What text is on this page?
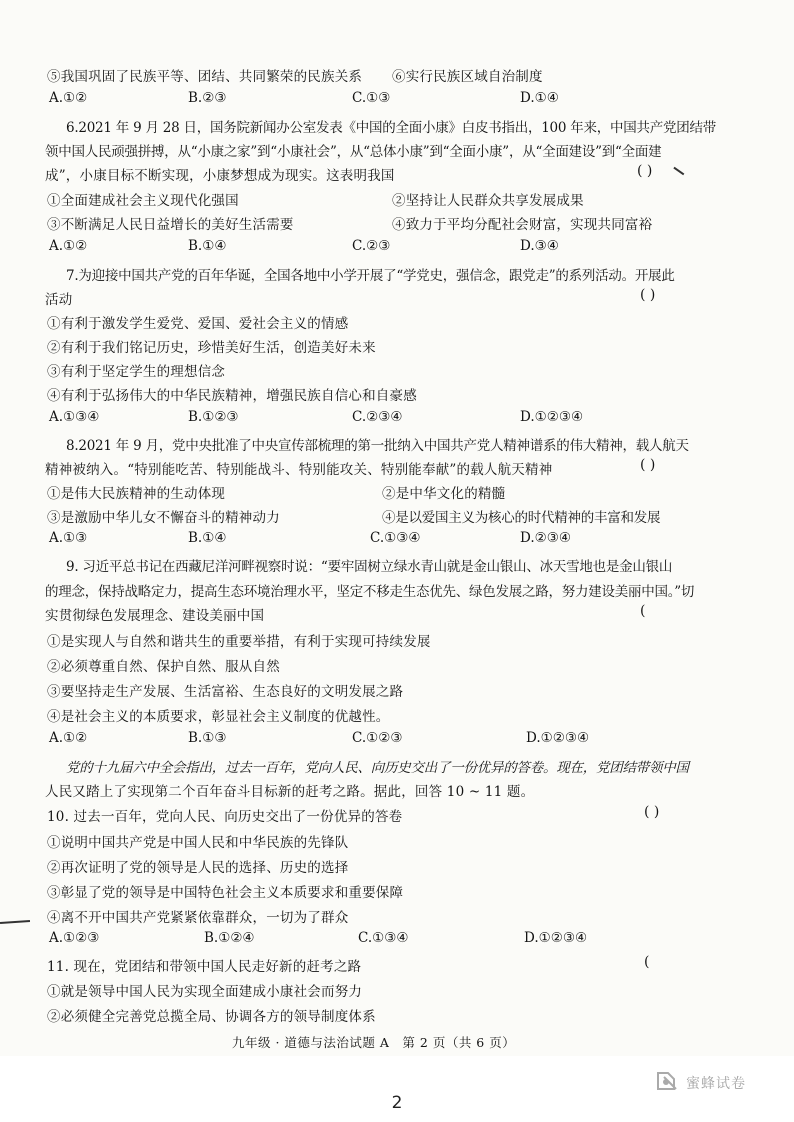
⑤我国巩固了民族平等、团结、共同繁荣的民族关系 ⑥实行民族区域自治制度
A.①②	B.②③	C.①③	D.①④
6.2021 年 9 月 28 日，国务院新闻办公室发表《中国的全面小康》白皮书指出，100 年来，中国共产党团结带
领中国人民顽强拼搏，从“小康之家”到“小康社会”，从“总体小康”到“全面小康”，从“全面建设”到“全面建
成”，小康目标不断实现，小康梦想成为现实。这表明我国	( )
①全面建成社会主义现代化强国	②坚持让人民群众共享发展成果
③不断满足人民日益增长的美好生活需要	④致力于平均分配社会财富，实现共同富裕
A.①②	B.①④	C.②③	D.③④
7.为迎接中国共产党的百年华诞，全国各地中小学开展了“学党史，强信念，跟党走”的系列活动。开展此
活动	( )
①有利于激发学生爱党、爱国、爱社会主义的情感
②有利于我们铭记历史，珍惜美好生活，创造美好未来
③有利于坚定学生的理想信念
④有利于弘扬伟大的中华民族精神，增强民族自信心和自豪感
A.①③④	B.①②③	C.②③④	D.①②③④
8.2021 年 9 月，党中央批准了中央宣传部梳理的第一批纳入中国共产党人精神谱系的伟大精神，载人航天
精神被纳入。“特别能吃苦、特别能战斗、特别能攻关、特别能奉献”的载人航天精神	( )
①是伟大民族精神的生动体现	②是中华文化的精髓
③是激励中华儿女不懈奋斗的精神动力	④是以爱国主义为核心的时代精神的丰富和发展
A.①③	B.①④	C.①③④	D.②③④
9. 习近平总书记在西藏尼洋河畔视察时说：“要牢固树立绿水青山就是金山银山、冰天雪地也是金山银山
的理念，保持战略定力，提高生态环境治理水平，坚定不移走生态优先、绿色发展之路，努力建设美丽中国。”切
实贯彻绿色发展理念、建设美丽中国	(
①是实现人与自然和谐共生的重要举措，有利于实现可持续发展
②必须尊重自然、保护自然、服从自然
③要坚持走生产发展、生活富裕、生态良好的文明发展之路
④是社会主义的本质要求，彰显社会主义制度的优越性。
A.①②	B.①③	C.①②③	D.①②③④
党的十九届六中全会指出，过去一百年，党向人民、向历史交出了一份优异的答卷。现在，党团结带领中国
人民又踏上了实现第二个百年奋斗目标新的赶考之路。据此，回答 10 ~ 11 题。
10. 过去一百年，党向人民、向历史交出了一份优异的答卷	( )
①说明中国共产党是中国人民和中华民族的先锋队
②再次证明了党的领导是人民的选择、历史的选择
③彰显了党的领导是中国特色社会主义本质要求和重要保障
④离不开中国共产党紧紧依靠群众，一切为了群众
A.①②③	B.①②④	C.①③④	D.①②③④
11. 现在，党团结和带领中国人民走好新的赶考之路	(
①就是领导中国人民为实现全面建成小康社会而努力
②必须健全完善党总揽全局、协调各方的领导制度体系
九年级 · 道德与法治试题 A　第 2 页（共 6 页）
蜜蜂试卷
2
